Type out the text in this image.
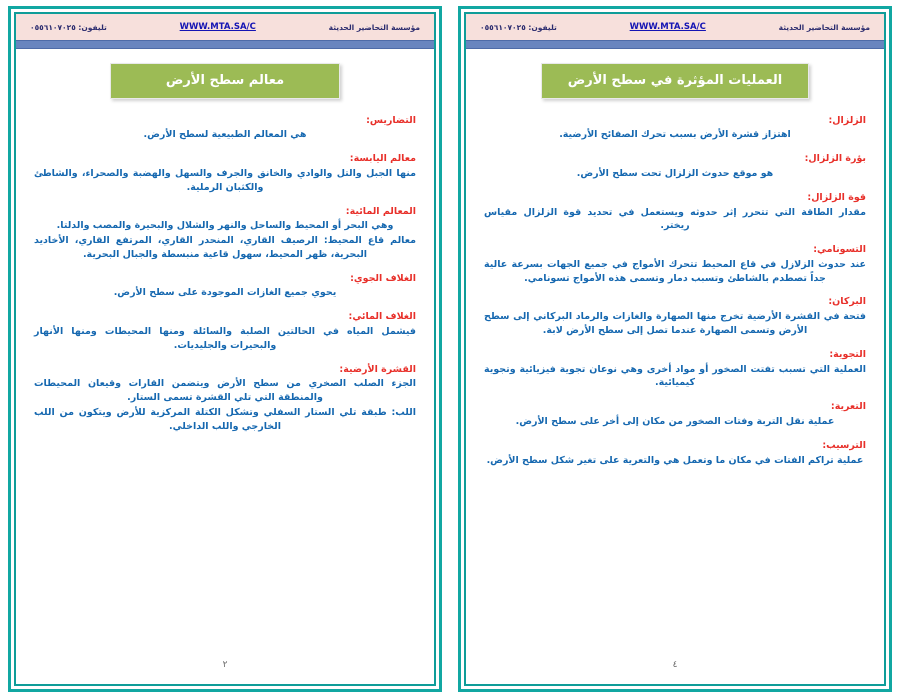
مؤسسة التحاضير الحديثة
WWW.MTA.SA/C
تليفون: ٠٥٥٦١٠٧٠٢٥
العمليات المؤثرة في سطح الأرض
الزلزال:

اهتزاز قشرة الأرض بسبب تحرك الصفائح الأرضية.

بؤرة الزلزال:

هو موقع حدوث الزلزال تحت سطح الأرض.

قوة الزلزال:

مقدار الطاقة التي تتحرر إثر حدوثه ويستعمل في تحديد قوة الزلزال مقياس ريختر.

التسونامي:

عند حدوث الزلازل في قاع المحيط تتحرك الأمواج في جميع الجهات بسرعة عالية جداً تصطدم بالشاطئ وتسبب دمار وتسمى هذه الأمواج تسونامي.

البركان:

فتحة في القشرة الأرضية تخرج منها الصهارة والغازات والرماد البركاني إلى سطح الأرض وتسمى الصهارة عندما تصل إلى سطح الأرض لابة.

التجوية:

العملية التي تسبب تفتت الصخور أو مواد أخرى وهي نوعان تجوية فيزيائية وتجوية كيميائية.

التعرية:

عملية نقل التربة وفتات الصخور من مكان إلى أخر على سطح الأرض.

الترسيب:

عملية تراكم الفتات في مكان ما وتعمل هي والتعرية على تغير شكل سطح الأرض.

٤
مؤسسة التحاضير الحديثة
WWW.MTA.SA/C
تليفون: ٠٥٥٦١٠٧٠٢٥
معالم سطح الأرض
التضاريس:

هي المعالم الطبيعية لسطح الأرض.

معالم اليابسة:

منها الجبل والتل والوادي والخانق والجرف والسهل والهضبة والصحراء، والشاطئ والكثبان الرملية.

المعالم المائية:

وهي البحر أو المحيط والساحل والنهر والشلال والبحيرة والمصب والدلتا.

معالم قاع المحيط: الرصيف القاري، المنحدر القاري، المرتفع القاري، الأخاديد البحرية، ظهر المحيط، سهول قاعية منبسطة والجبال البحرية.

الغلاف الجوي:

يحوي جميع الغازات الموجودة على سطح الأرض.

الغلاف المائي:

فيشمل المياه في الحالتين الصلبة والسائلة ومنها المحيطات ومنها الأنهار والبحيرات والجليديات.

القشرة الأرضية:

الجزء الصلب الصخري من سطح الأرض ويتضمن القارات وقيعان المحيطات والمنطقة التي تلي القشرة تسمى الستار.

اللب: طبقة تلي الستار السفلي وتشكل الكتلة المركزية للأرض ويتكون من اللب الخارجي واللب الداخلي.

٢
